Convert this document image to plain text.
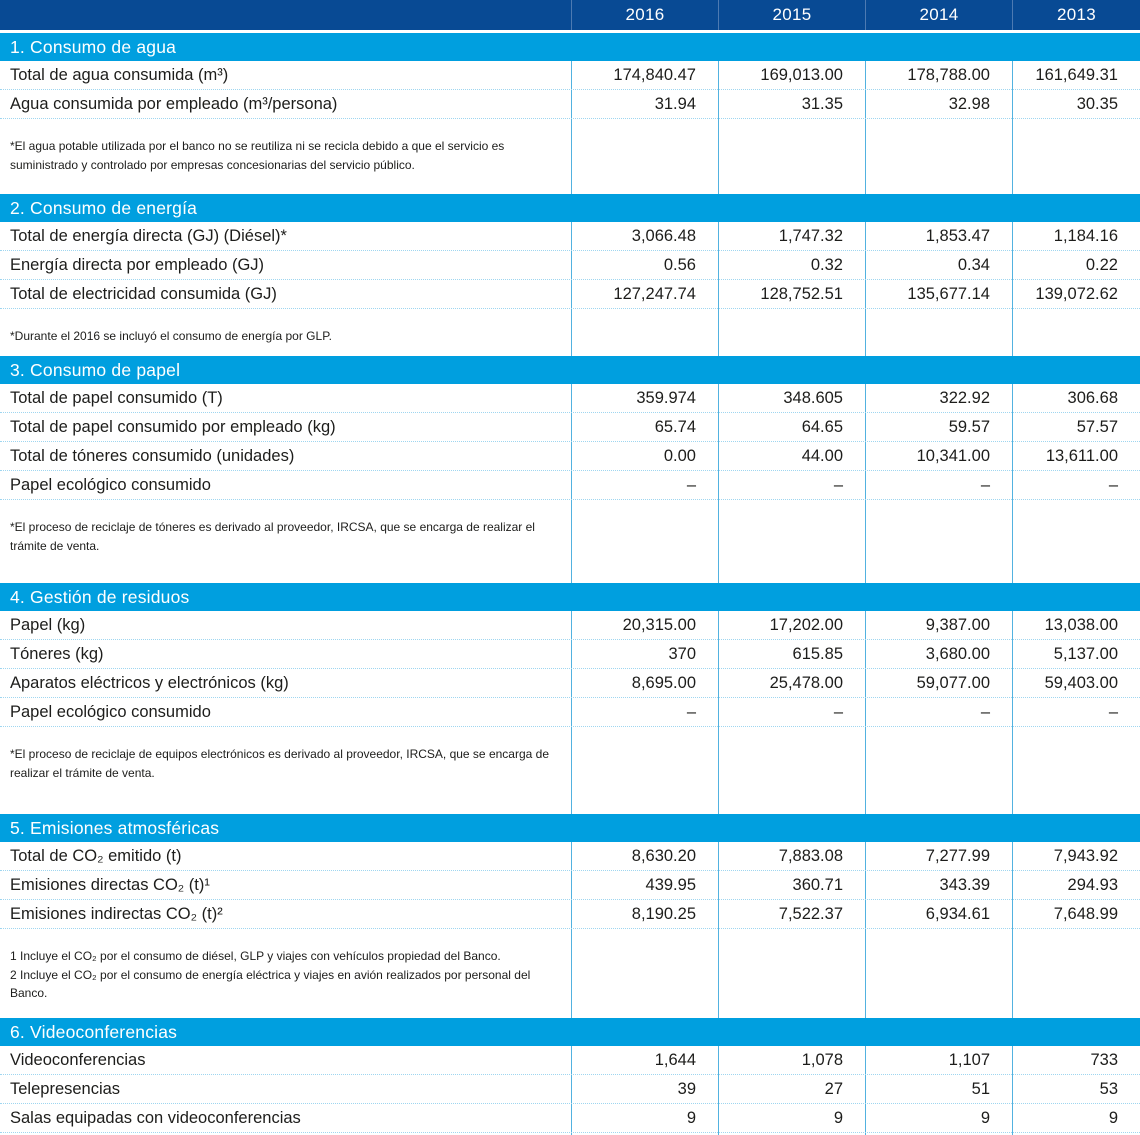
2016	2015	2014	2013
1. Consumo de agua
Total de agua consumida (m³)	174,840.47	169,013.00	178,788.00	161,649.31
Agua consumida por empleado (m³/persona)	31.94	31.35	32.98	30.35

*El agua potable utilizada por el banco no se reutiliza ni se recicla debido a que el servicio es suministrado y controlado por empresas concesionarias del servicio público.

2. Consumo de energía
Total de energía directa (GJ) (Diésel)*	3,066.48	1,747.32	1,853.47	1,184.16
Energía directa por empleado (GJ)	0.56	0.32	0.34	0.22
Total de electricidad consumida (GJ)	127,247.74	128,752.51	135,677.14	139,072.62

*Durante el 2016 se incluyó el consumo de energía por GLP.

3. Consumo de papel
Total de papel consumido (T)	359.974	348.605	322.92	306.68
Total de papel consumido por empleado (kg)	65.74	64.65	59.57	57.57
Total de tóneres consumido (unidades)	0.00	44.00	10,341.00	13,611.00
Papel ecológico consumido	–	–	–	–

*El proceso de reciclaje de tóneres es derivado al proveedor, IRCSA, que se encarga de realizar el trámite de venta.

4. Gestión de residuos
Papel (kg)	20,315.00	17,202.00	9,387.00	13,038.00
Tóneres (kg)	370	615.85	3,680.00	5,137.00
Aparatos eléctricos y electrónicos (kg)	8,695.00	25,478.00	59,077.00	59,403.00
Papel ecológico consumido	–	–	–	–

*El proceso de reciclaje de equipos electrónicos es derivado al proveedor, IRCSA, que se encarga de realizar el trámite de venta.

5. Emisiones atmosféricas
Total de CO₂ emitido (t)	8,630.20	7,883.08	7,277.99	7,943.92
Emisiones directas CO₂ (t)¹	439.95	360.71	343.39	294.93
Emisiones indirectas CO₂ (t)²	8,190.25	7,522.37	6,934.61	7,648.99

1 Incluye el CO₂ por el consumo de diésel, GLP y viajes con vehículos propiedad del Banco.

2 Incluye el CO₂ por el consumo de energía eléctrica y viajes en avión realizados por personal del Banco.

6. Videoconferencias
Videoconferencias	1,644	1,078	1,107	733
Telepresencias	39	27	51	53
Salas equipadas con videoconferencias	9	9	9	9
